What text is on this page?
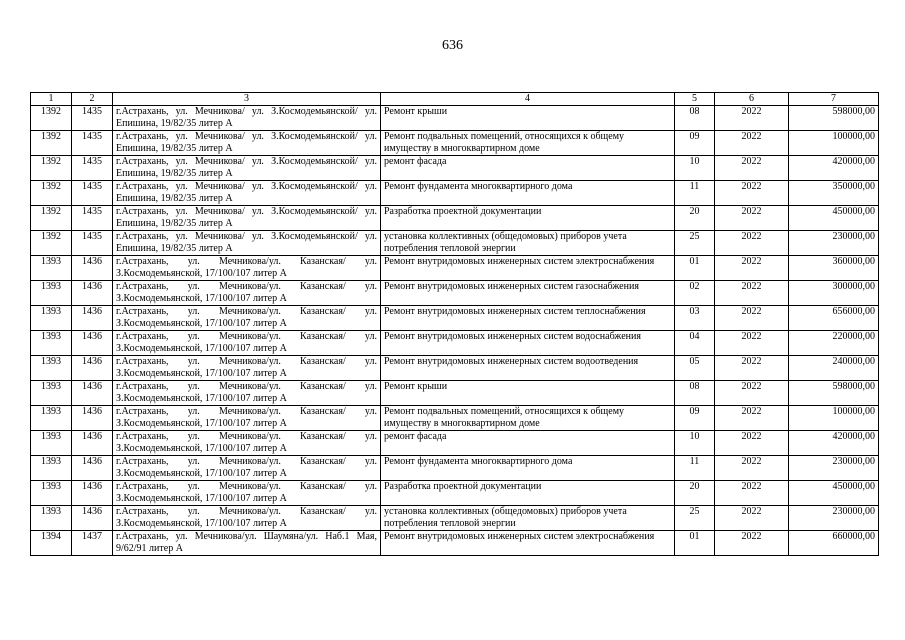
636
1	2	3	4	5	6	7
1392	1435	г.Астрахань, ул. Мечникова/ ул. З.Космодемьянской/ ул. Епишина, 19/82/35 литер А	Ремонт крыши	08	2022	598000,00
1392	1435	г.Астрахань, ул. Мечникова/ ул. З.Космодемьянской/ ул. Епишина, 19/82/35 литер А	Ремонт подвальных помещений, относящихся к общему имуществу в многоквартирном доме	09	2022	100000,00
1392	1435	г.Астрахань, ул. Мечникова/ ул. З.Космодемьянской/ ул. Епишина, 19/82/35 литер А	ремонт фасада	10	2022	420000,00
1392	1435	г.Астрахань, ул. Мечникова/ ул. З.Космодемьянской/ ул. Епишина, 19/82/35 литер А	Ремонт фундамента многоквартирного дома	11	2022	350000,00
1392	1435	г.Астрахань, ул. Мечникова/ ул. З.Космодемьянской/ ул. Епишина, 19/82/35 литер А	Разработка проектной документации	20	2022	450000,00
1392	1435	г.Астрахань, ул. Мечникова/ ул. З.Космодемьянской/ ул. Епишина, 19/82/35 литер А	установка коллективных (общедомовых) приборов учета потребления тепловой энергии	25	2022	230000,00
1393	1436	г.Астрахань, ул. Мечникова/ул. Казанская/ ул. З.Космодемьянской, 17/100/107 литер А	Ремонт внутридомовых инженерных систем электроснабжения	01	2022	360000,00
1393	1436	г.Астрахань, ул. Мечникова/ул. Казанская/ ул. З.Космодемьянской, 17/100/107 литер А	Ремонт внутридомовых инженерных систем газоснабжения	02	2022	300000,00
1393	1436	г.Астрахань, ул. Мечникова/ул. Казанская/ ул. З.Космодемьянской, 17/100/107 литер А	Ремонт внутридомовых инженерных систем теплоснабжения	03	2022	656000,00
1393	1436	г.Астрахань, ул. Мечникова/ул. Казанская/ ул. З.Космодемьянской, 17/100/107 литер А	Ремонт внутридомовых инженерных систем водоснабжения	04	2022	220000,00
1393	1436	г.Астрахань, ул. Мечникова/ул. Казанская/ ул. З.Космодемьянской, 17/100/107 литер А	Ремонт внутридомовых инженерных систем водоотведения	05	2022	240000,00
1393	1436	г.Астрахань, ул. Мечникова/ул. Казанская/ ул. З.Космодемьянской, 17/100/107 литер А	Ремонт крыши	08	2022	598000,00
1393	1436	г.Астрахань, ул. Мечникова/ул. Казанская/ ул. З.Космодемьянской, 17/100/107 литер А	Ремонт подвальных помещений, относящихся к общему имуществу в многоквартирном доме	09	2022	100000,00
1393	1436	г.Астрахань, ул. Мечникова/ул. Казанская/ ул. З.Космодемьянской, 17/100/107 литер А	ремонт фасада	10	2022	420000,00
1393	1436	г.Астрахань, ул. Мечникова/ул. Казанская/ ул. З.Космодемьянской, 17/100/107 литер А	Ремонт фундамента многоквартирного дома	11	2022	230000,00
1393	1436	г.Астрахань, ул. Мечникова/ул. Казанская/ ул. З.Космодемьянской, 17/100/107 литер А	Разработка проектной документации	20	2022	450000,00
1393	1436	г.Астрахань, ул. Мечникова/ул. Казанская/ ул. З.Космодемьянской, 17/100/107 литер А	установка коллективных (общедомовых) приборов учета потребления тепловой энергии	25	2022	230000,00
1394	1437	г.Астрахань, ул. Мечникова/ул. Шаумяна/ул. Наб.1 Мая, 9/62/91 литер А	Ремонт внутридомовых инженерных систем электроснабжения	01	2022	660000,00
